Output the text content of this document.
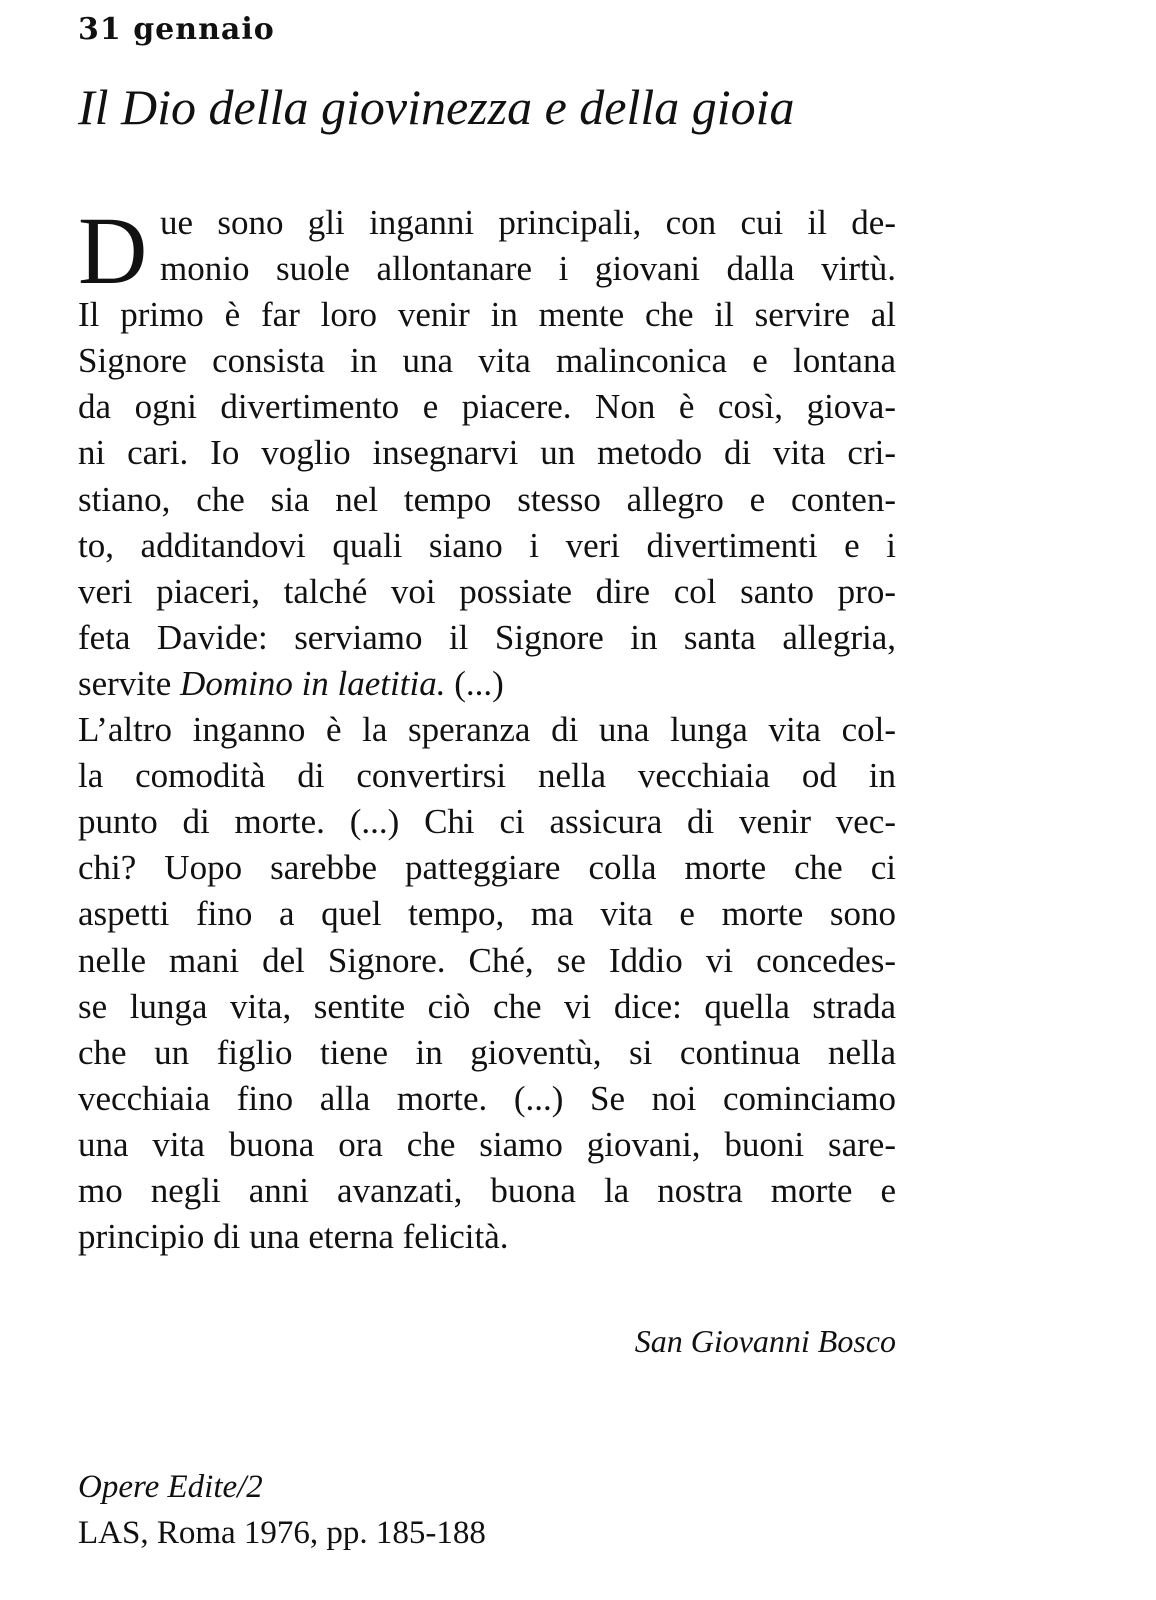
31 gennaio
Il Dio della giovinezza e della gioia
D ue sono gli inganni principali, con cui il de-
monio suole allontanare i giovani dalla virtù.
Il primo è far loro venir in mente che il servire al
Signore consista in una vita malinconica e lontana
da ogni divertimento e piacere. Non è così, giova-
ni cari. Io voglio insegnarvi un metodo di vita cri-
stiano, che sia nel tempo stesso allegro e conten-
to, additandovi quali siano i veri divertimenti e i
veri piaceri, talché voi possiate dire col santo pro-
feta Davide: serviamo il Signore in santa allegria,
servite Domino in laetitia. (...)
L’altro inganno è la speranza di una lunga vita col-
la comodità di convertirsi nella vecchiaia od in
punto di morte. (...) Chi ci assicura di venir vec-
chi? Uopo sarebbe patteggiare colla morte che ci
aspetti fino a quel tempo, ma vita e morte sono
nelle mani del Signore. Ché, se Iddio vi concedes-
se lunga vita, sentite ciò che vi dice: quella strada
che un figlio tiene in gioventù, si continua nella
vecchiaia fino alla morte. (...) Se noi cominciamo
una vita buona ora che siamo giovani, buoni sare-
mo negli anni avanzati, buona la nostra morte e
principio di una eterna felicità.
San Giovanni Bosco
Opere Edite/2
LAS, Roma 1976, pp. 185-188
